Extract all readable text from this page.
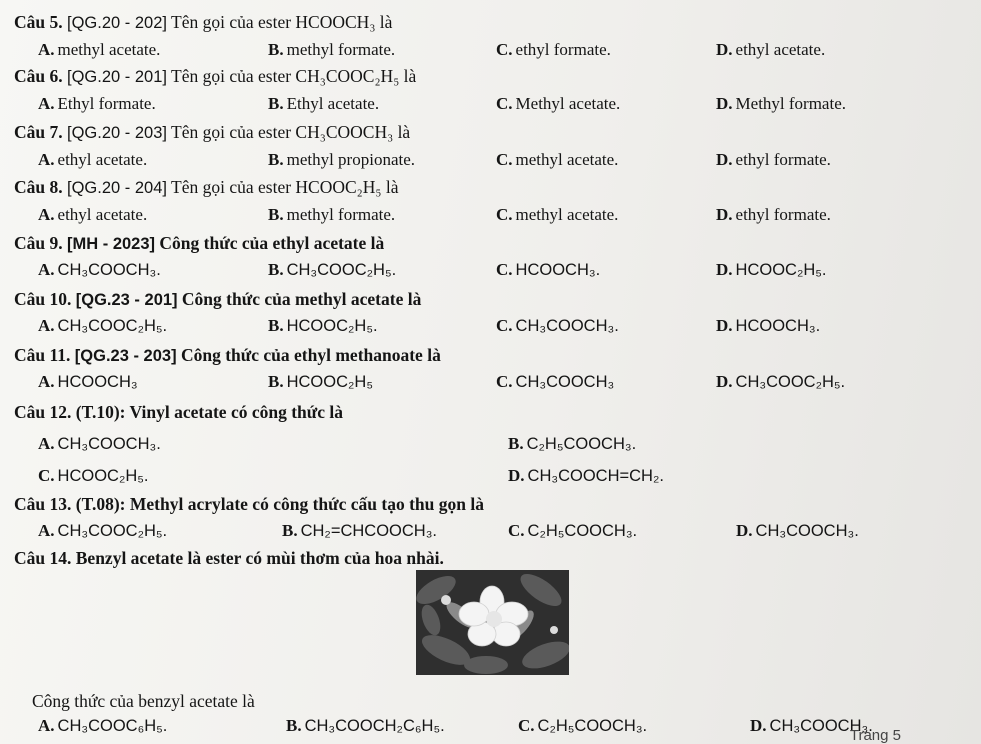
Câu 5. [QG.20 - 202] Tên gọi của ester HCOOCH₃ là
A. methyl acetate.	B. methyl formate.	C. ethyl formate.	D. ethyl acetate.
Câu 6. [QG.20 - 201] Tên gọi của ester CH₃COOC₂H₅ là
A. Ethyl formate.	B. Ethyl acetate.	C. Methyl acetate.	D. Methyl formate.
Câu 7. [QG.20 - 203] Tên gọi của ester CH₃COOCH₃ là
A. ethyl acetate.	B. methyl propionate.	C. methyl acetate.	D. ethyl formate.
Câu 8. [QG.20 - 204] Tên gọi của ester HCOOC₂H₅ là
A. ethyl acetate.	B. methyl formate.	C. methyl acetate.	D. ethyl formate.
Câu 9. [MH - 2023] Công thức của ethyl acetate là
A. CH₃COOCH₃.	B. CH₃COOC₂H₅.	C. HCOOCH₃.	D. HCOOC₂H₅.
Câu 10. [QG.23 - 201] Công thức của methyl acetate là
A. CH₃COOC₂H₅.	B. HCOOC₂H₅.	C. CH₃COOCH₃.	D. HCOOCH₃.
Câu 11. [QG.23 - 203] Công thức của ethyl methanoate là
A. HCOOCH₃	B. HCOOC₂H₅	C. CH₃COOCH₃	D. CH₃COOC₂H₅.
Câu 12. (T.10): Vinyl acetate có công thức là
A. CH₃COOCH₃.	B. C₂H₅COOCH₃.
C. HCOOC₂H₅.	D. CH₃COOCH=CH₂.
Câu 13. (T.08): Methyl acrylate có công thức cấu tạo thu gọn là
A. CH₃COOC₂H₅.	B. CH₂=CHCOOCH₃.	C. C₂H₅COOCH₃.	D. CH₃COOCH₃.
Câu 14. Benzyl acetate là ester có mùi thơm của hoa nhài.
Công thức của benzyl acetate là
A. CH₃COOC₆H₅.	B. CH₃COOCH₂C₆H₅.	C. C₂H₅COOCH₃.	D. CH₃COOCH₃.
Trang 5
